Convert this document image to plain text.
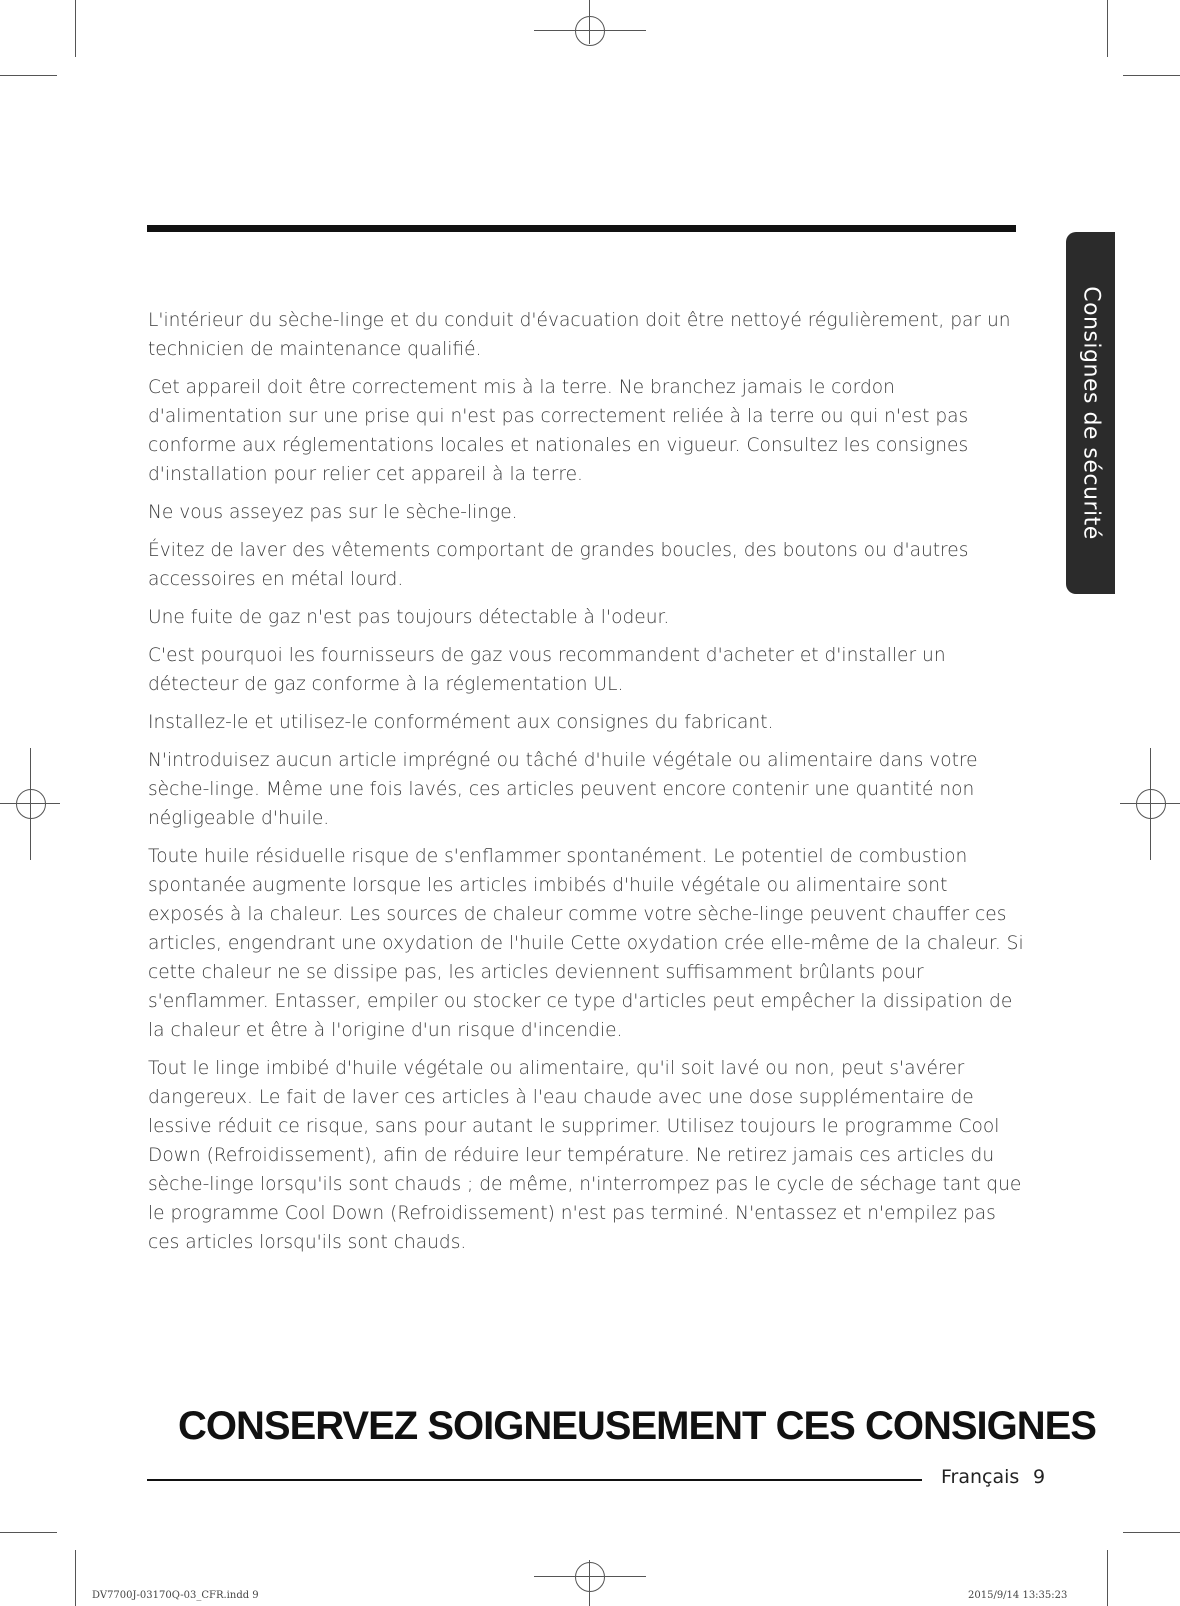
Consignes de sécurité

L'intérieur du sèche-linge et du conduit d'évacuation doit être nettoyé régulièrement, par un technicien de maintenance qualifié.

Cet appareil doit être correctement mis à la terre. Ne branchez jamais le cordon d'alimentation sur une prise qui n'est pas correctement reliée à la terre ou qui n'est pas conforme aux réglementations locales et nationales en vigueur. Consultez les consignes d'installation pour relier cet appareil à la terre.

Ne vous asseyez pas sur le sèche-linge.

Évitez de laver des vêtements comportant de grandes boucles, des boutons ou d'autres accessoires en métal lourd.

Une fuite de gaz n'est pas toujours détectable à l'odeur.

C'est pourquoi les fournisseurs de gaz vous recommandent d'acheter et d'installer un détecteur de gaz conforme à la réglementation UL.

Installez-le et utilisez-le conformément aux consignes du fabricant.

N'introduisez aucun article imprégné ou tâché d'huile végétale ou alimentaire dans votre sèche-linge. Même une fois lavés, ces articles peuvent encore contenir une quantité non négligeable d'huile.

Toute huile résiduelle risque de s'enflammer spontanément. Le potentiel de combustion spontanée augmente lorsque les articles imbibés d'huile végétale ou alimentaire sont exposés à la chaleur. Les sources de chaleur comme votre sèche-linge peuvent chauffer ces articles, engendrant une oxydation de l'huile Cette oxydation crée elle-même de la chaleur. Si cette chaleur ne se dissipe pas, les articles deviennent suffisamment brûlants pour s'enflammer. Entasser, empiler ou stocker ce type d'articles peut empêcher la dissipation de la chaleur et être à l'origine d'un risque d'incendie.

Tout le linge imbibé d'huile végétale ou alimentaire, qu'il soit lavé ou non, peut s'avérer dangereux. Le fait de laver ces articles à l'eau chaude avec une dose supplémentaire de lessive réduit ce risque, sans pour autant le supprimer. Utilisez toujours le programme Cool Down (Refroidissement), afin de réduire leur température. Ne retirez jamais ces articles du sèche-linge lorsqu'ils sont chauds ; de même, n'interrompez pas le cycle de séchage tant que le programme Cool Down (Refroidissement) n'est pas terminé. N'entassez et n'empilez pas ces articles lorsqu'ils sont chauds.

CONSERVEZ SOIGNEUSEMENT CES CONSIGNES
Français 9
DV7700J-03170Q-03_CFR.indd 9	2015/9/14 13:35:23
